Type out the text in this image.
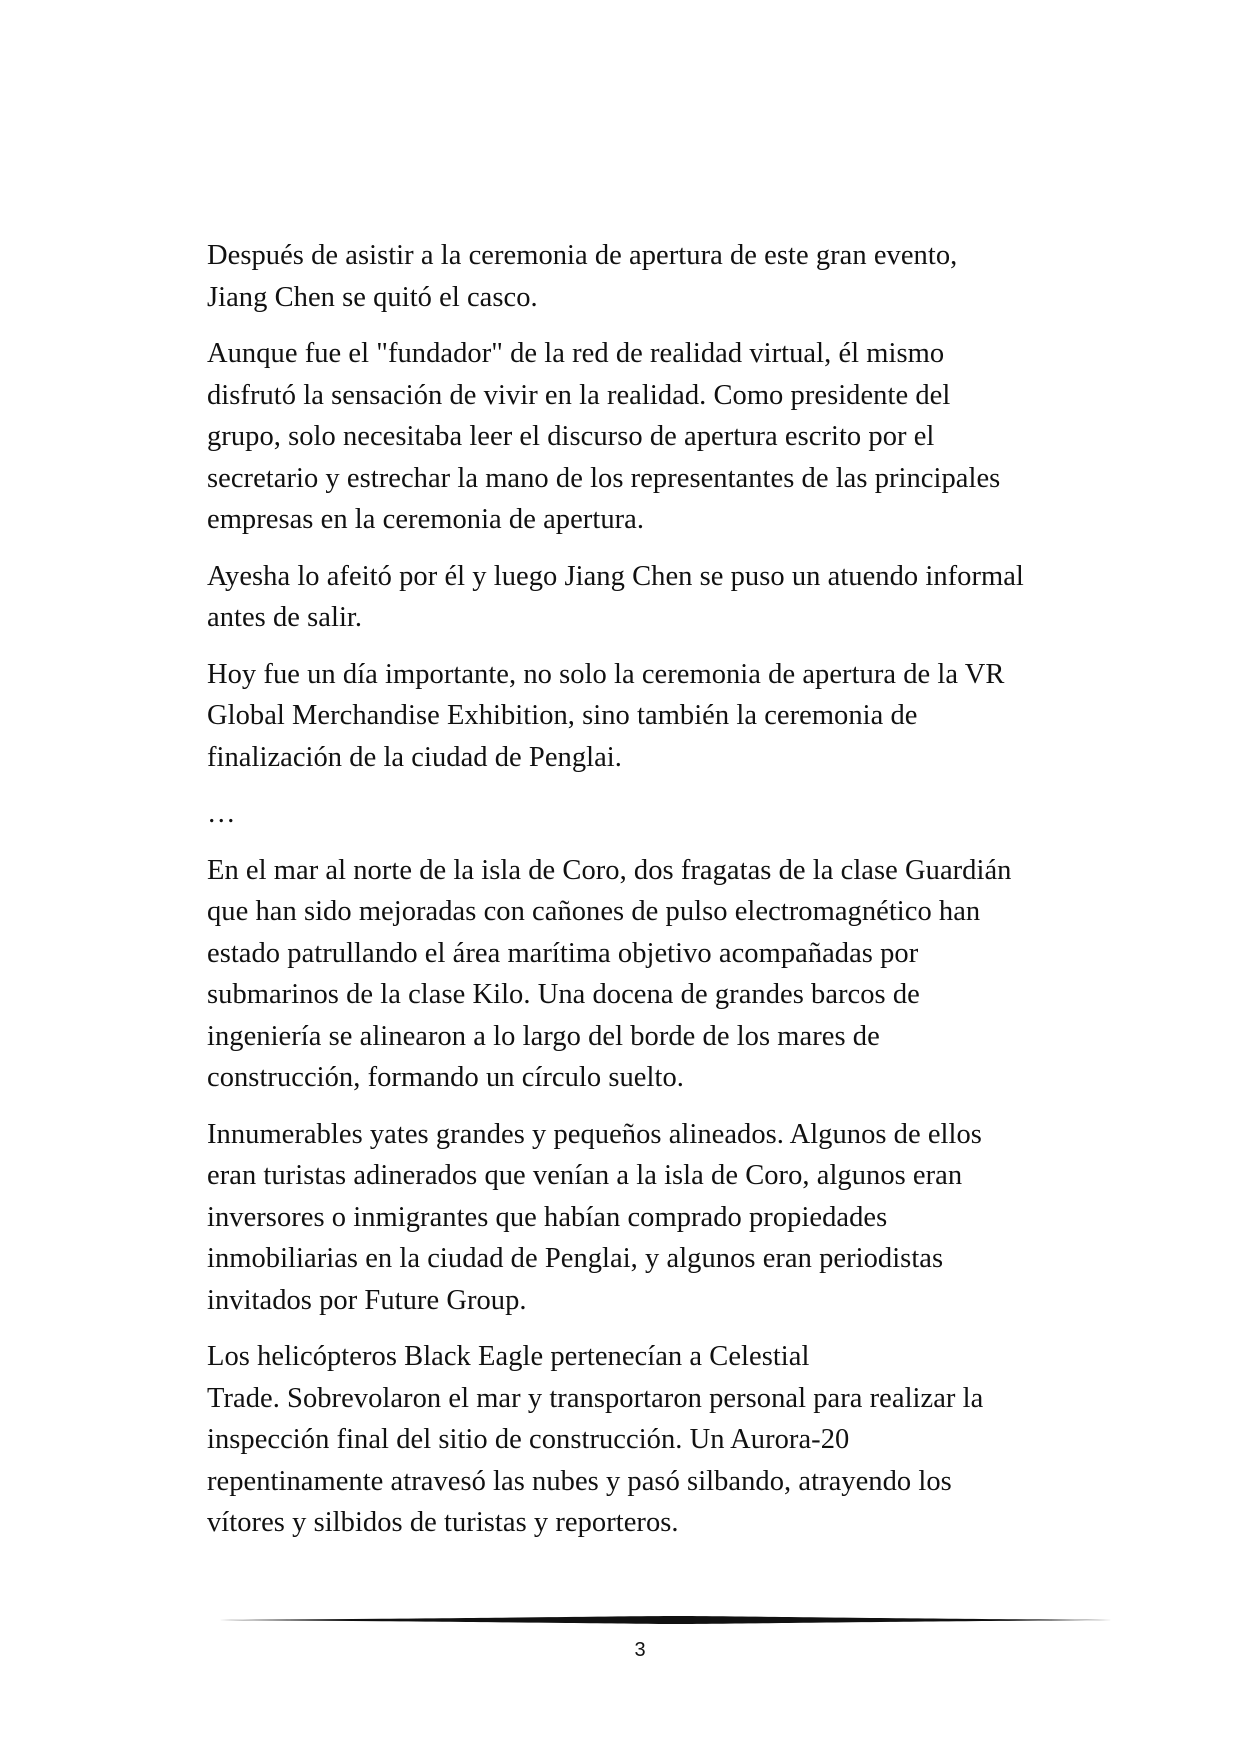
Después de asistir a la ceremonia de apertura de este gran evento,
Jiang Chen se quitó el casco.

Aunque fue el "fundador" de la red de realidad virtual, él mismo
disfrutó la sensación de vivir en la realidad. Como presidente del
grupo, solo necesitaba leer el discurso de apertura escrito por el
secretario y estrechar la mano de los representantes de las principales
empresas en la ceremonia de apertura.

Ayesha lo afeitó por él y luego Jiang Chen se puso un atuendo informal
antes de salir.

Hoy fue un día importante, no solo la ceremonia de apertura de la VR
Global Merchandise Exhibition, sino también la ceremonia de
finalización de la ciudad de Penglai.

…

En el mar al norte de la isla de Coro, dos fragatas de la clase Guardián
que han sido mejoradas con cañones de pulso electromagnético han
estado patrullando el área marítima objetivo acompañadas por
submarinos de la clase Kilo. Una docena de grandes barcos de
ingeniería se alinearon a lo largo del borde de los mares de
construcción, formando un círculo suelto.

Innumerables yates grandes y pequeños alineados. Algunos de ellos
eran turistas adinerados que venían a la isla de Coro, algunos eran
inversores o inmigrantes que habían comprado propiedades
inmobiliarias en la ciudad de Penglai, y algunos eran periodistas
invitados por Future Group.

Los helicópteros Black Eagle pertenecían a Celestial
Trade. Sobrevolaron el mar y transportaron personal para realizar la
inspección final del sitio de construcción. Un Aurora-20
repentinamente atravesó las nubes y pasó silbando, atrayendo los
vítores y silbidos de turistas y reporteros.

3
